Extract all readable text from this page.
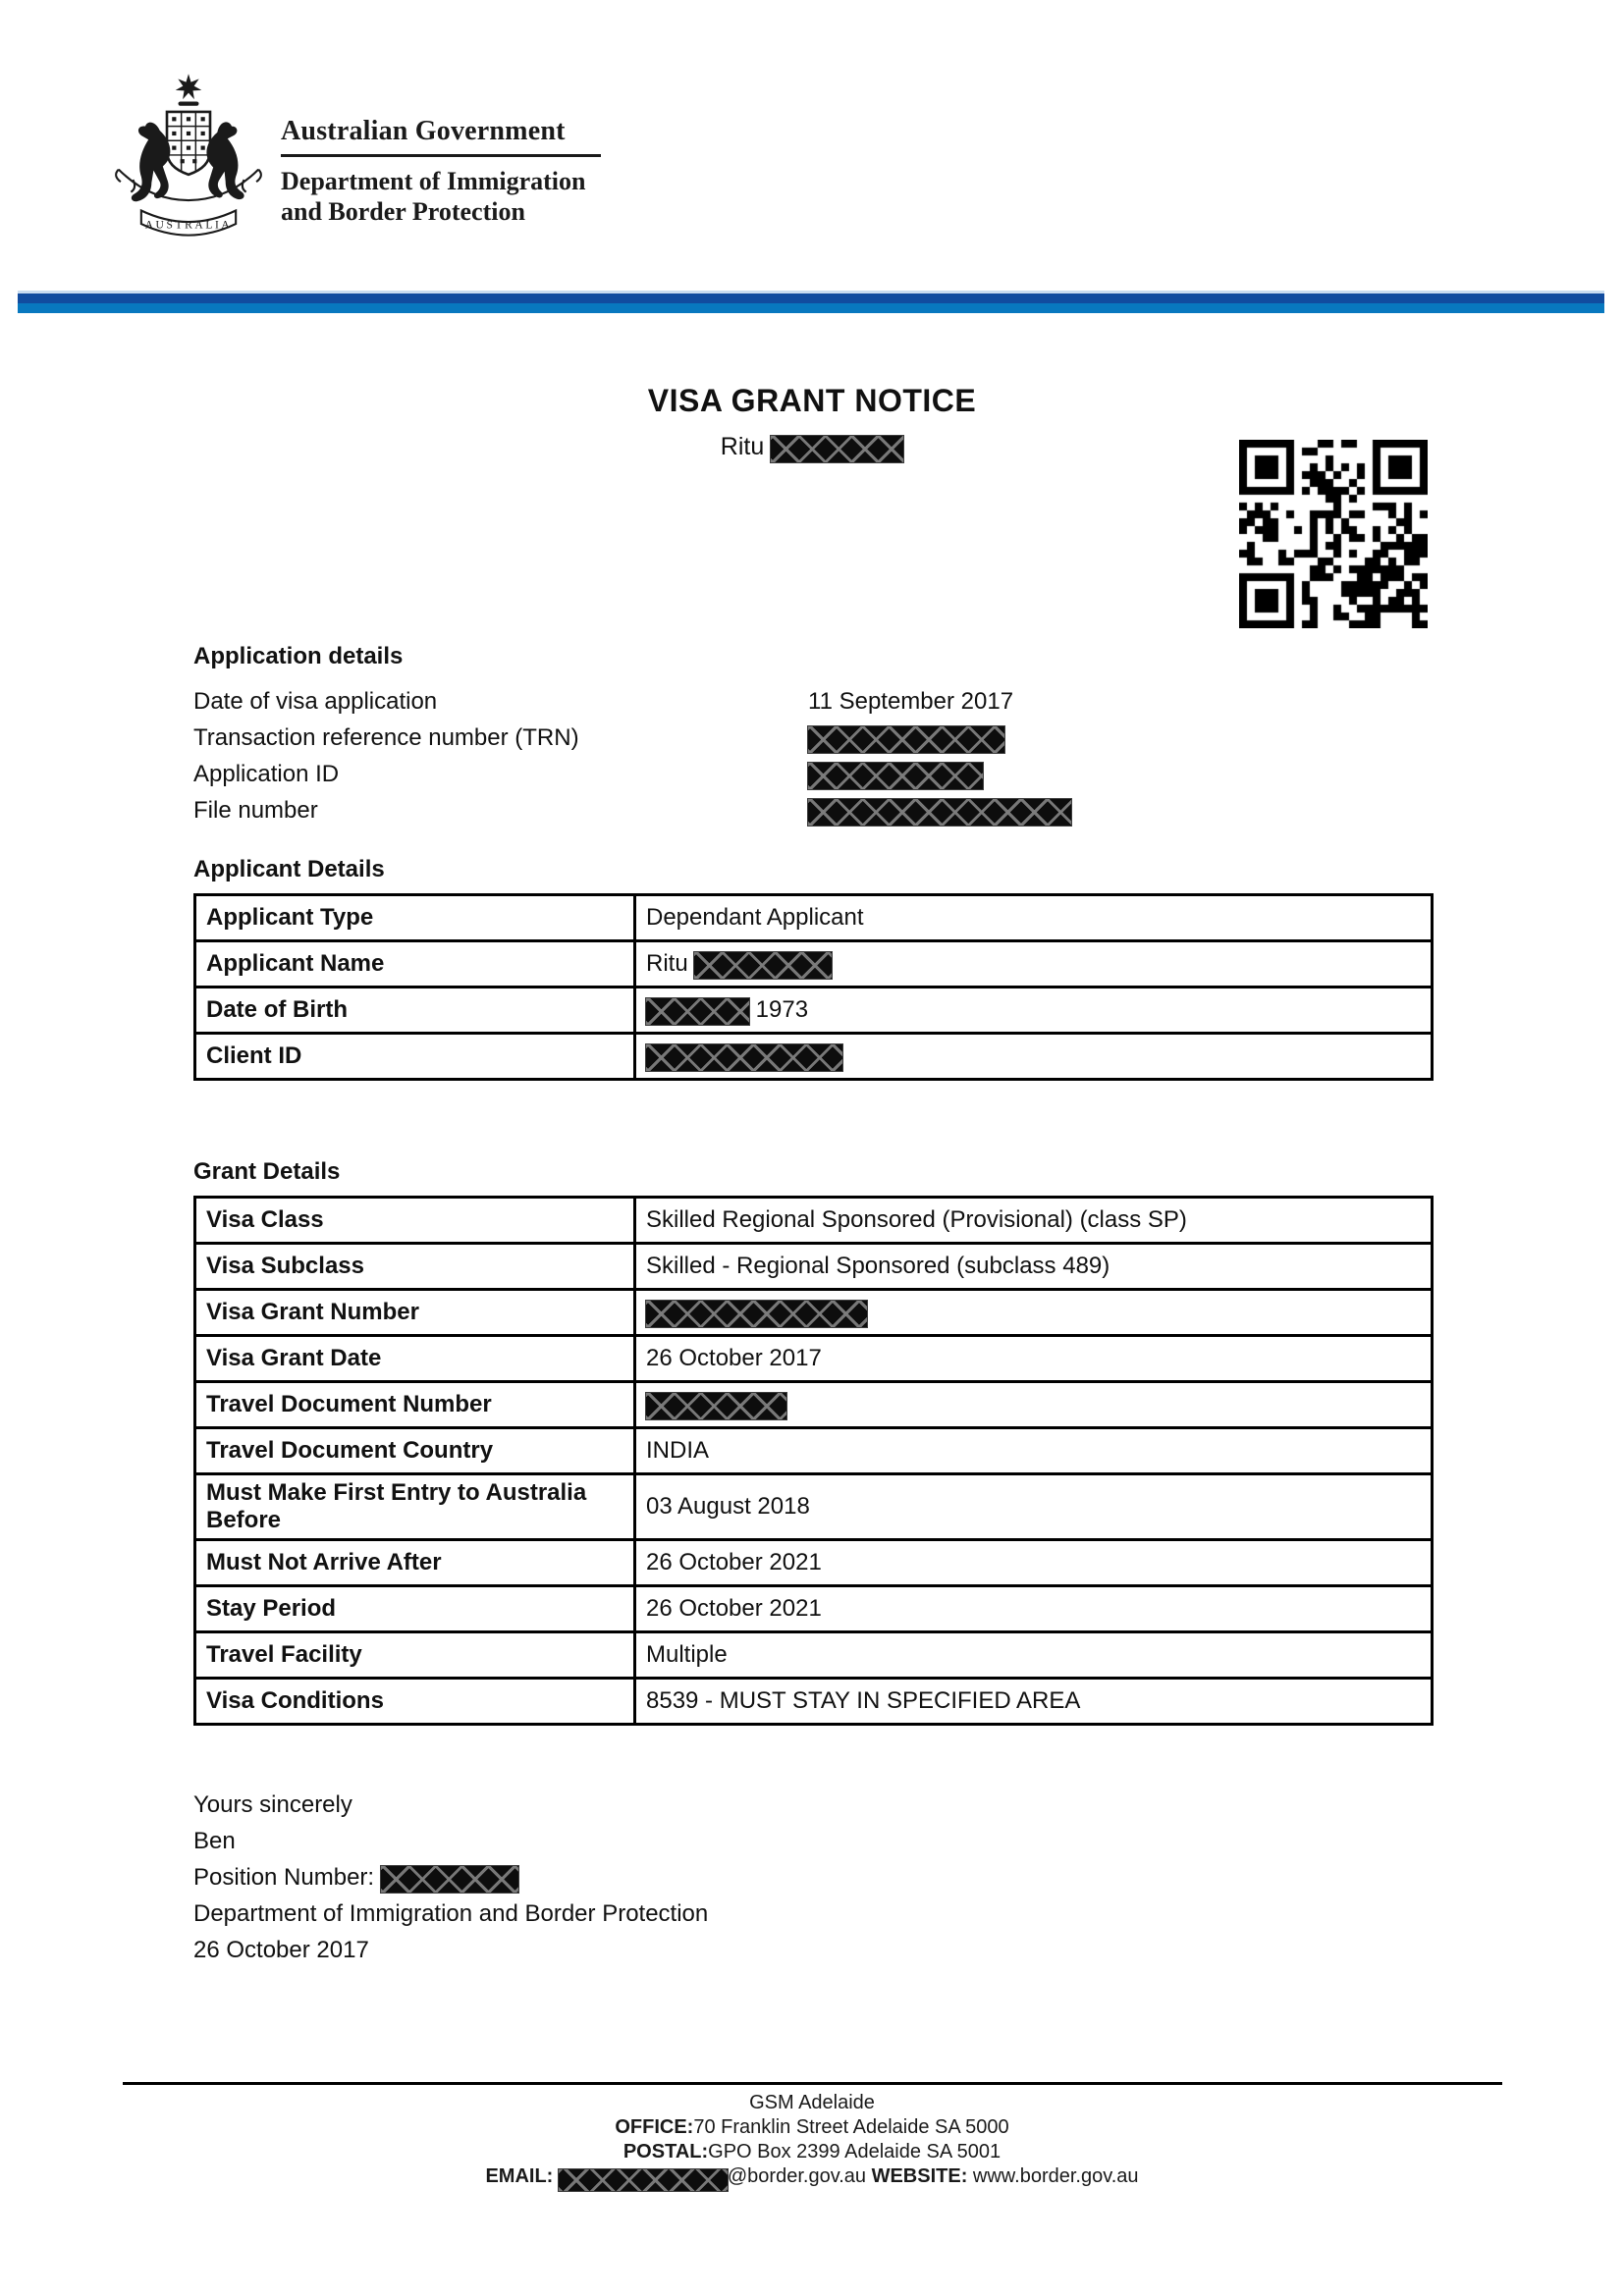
AUSTRALIA
Australian Government
Department of Immigration
and Border Protection
VISA GRANT NOTICE
Ritu
Application details
Date of visa application	11 September 2017
Transaction reference number (TRN)
Application ID
File number
Applicant Details
Applicant Type	Dependant Applicant
Applicant Name	Ritu
Date of Birth	1973
Client ID	
Grant Details
Visa Class	Skilled Regional Sponsored (Provisional) (class SP)
Visa Subclass	Skilled - Regional Sponsored (subclass 489)
Visa Grant Number	
Visa Grant Date	26 October 2017
Travel Document Number	
Travel Document Country	INDIA
Must Make First Entry to Australia Before	03 August 2018
Must Not Arrive After	26 October 2021
Stay Period	26 October 2021
Travel Facility	Multiple
Visa Conditions	8539 - MUST STAY IN SPECIFIED AREA
Yours sincerely
Ben
Position Number:
Department of Immigration and Border Protection
26 October 2017
GSM Adelaide
OFFICE:70 Franklin Street Adelaide SA 5000
POSTAL:GPO Box 2399 Adelaide SA 5001
EMAIL:	@border.gov.au WEBSITE: www.border.gov.au
